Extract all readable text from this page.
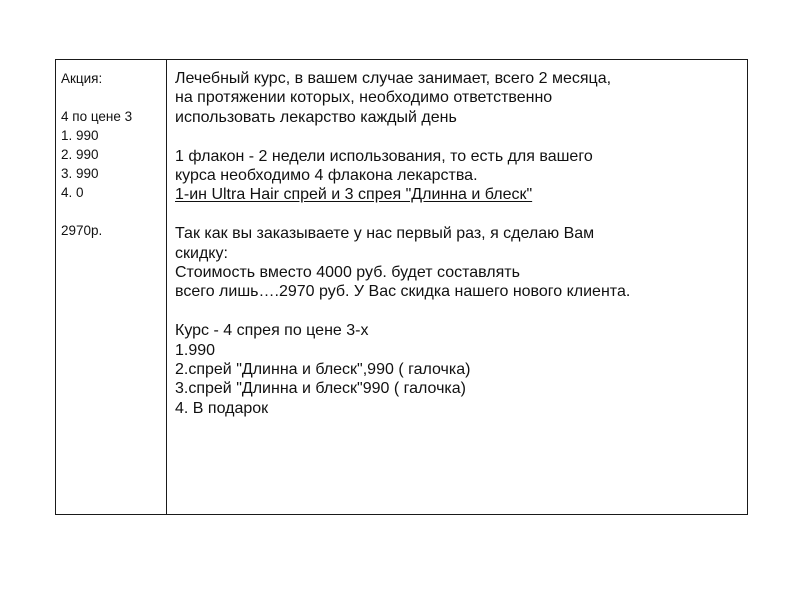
Акция:
4 по цене 3
1. 990
2. 990
3. 990
4. 0
2970р.

Лечебный курс, в вашем случае занимает, всего 2 месяца,
на протяжении которых, необходимо ответственно
использовать лекарство каждый день
1 флакон - 2 недели использования, то есть для вашего
курса необходимо 4 флакона лекарства.
1-ин Ultra Hair спрей и 3 спрея "Длинна и блеск"
Так как вы заказываете у нас первый раз, я сделаю Вам
скидку:
Стоимость вместо 4000 руб. будет составлять
всего лишь….2970 руб. У Вас скидка нашего нового клиента.
Курс - 4 спрея по цене 3-х
1.990
2.спрей "Длинна и блеск",990 ( галочка)
3.спрей "Длинна и блеск"990 ( галочка)
4. В подарок
